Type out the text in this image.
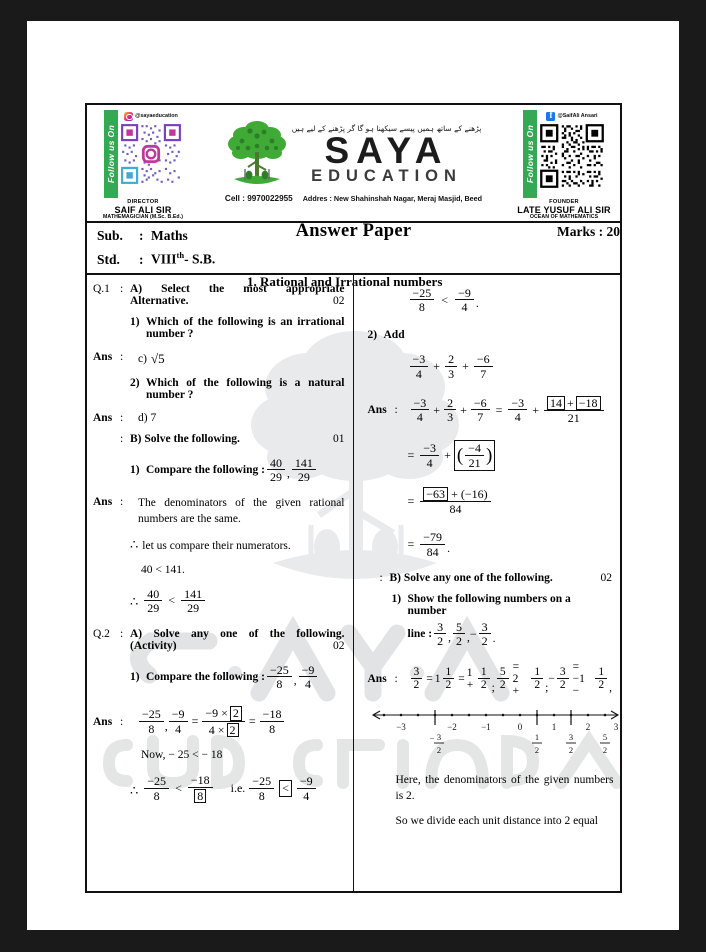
Follow us On
@sayaeducation
DIRECTOR
SAIF ALI SIR
MATHEMAGICIAN (M.Sc. B.Ed.)
پڑھنے کے ساتھ ہمیں پیسے سیکھنا ہو گا گر پڑھنے کے لیے ہیں
SAYA
EDUCATION
Cell : 9970022955 Addres : New Shahinshah Nagar, Meraj Masjid, Beed
Follow us On
f
@SaifAli Ansari
FOUNDER
LATE YUSUF ALI SIR
OCEAN OF MATHEMATICS
Answer Paper	Marks : 20
Sub.	: Maths
Std.	: VIIIth- S.B.
1. Rational and Irrational numbers
Q.1 : A) Select the most appropriate
Alternative.	02
1) Which of the following is an irrational
number ?
Ans :	c) √5
2) Which of the following is a natural
number ?
Ans :	d) 7
: B) Solve the following.	01
1) Compare the following : $\frac{40}{29}$ , $\frac{141}{29}$
Ans :	The denominators of the given rational
numbers are the same.
∴ let us compare their numerators.
40 < 141.
∴ $\frac{40}{29} < \frac{141}{29}$
Q.2 : A) Solve any one of the following.
(Activity)	02
1) Compare the following : $\frac{-25}{8}$ , $\frac{-9}{4}$
Ans :	$\frac{-25}{8}$ , $\frac{-9}{4} = \frac{-9 \times 2}{4 \times 2} = \frac{-18}{8}$
Now, − 25 < − 18
∴ $\frac{-25}{8} < \frac{-18}{8} i.e$. $\frac{-25}{8} < \frac{-9}{4}$
$\frac{-25}{8} < \frac{-9}{4}$ .
2) Add
$\frac{-3}{4} + \frac{2}{3} + \frac{-6}{7}$
Ans :	$\frac{-3}{4} + \frac{2}{3} + \frac{-6}{7} = \frac{-3}{4} + \frac{14 + -18}{21}$
= $\frac{-3}{4}$ + ( $\frac{-4}{21}$ )
= $\frac{-63 + (-16)}{84}$
= $\frac{-79}{84}$ .
: B) Solve any one of the following.	02
1) Show the following numbers on a number
line : $\frac{3}{2}$ , $\frac{5}{2}$ , − $\frac{3}{2}$ .
Ans :	$\frac{3}{2} = 1 \frac{1}{2} = 1 + \frac{1}{2}$ ; $\frac{5}{2} = 2$ +	$\frac{1}{2}$ ;
− $\frac{3}{2} = -1$ −	$\frac{1}{2}$ ,
−3	−2	−1	0	1	2	3
− 3
2
1
2
3
2
5
2
Here, the denominators of the given numbers
is 2.
So we divide each unit distance into 2 equal
